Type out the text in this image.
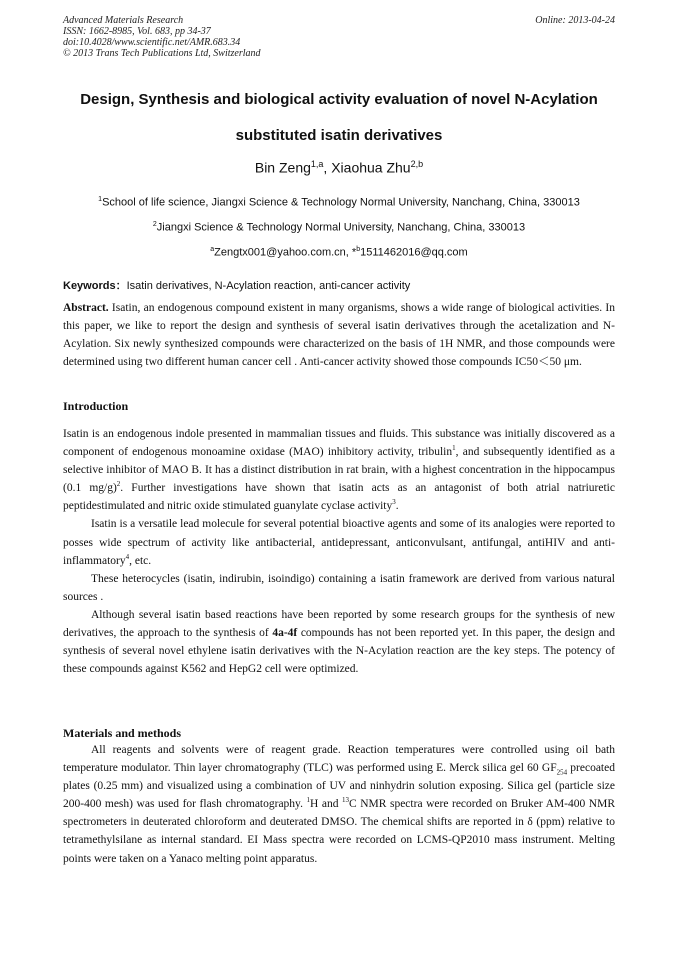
Advanced Materials Research
ISSN: 1662-8985, Vol. 683, pp 34-37
doi:10.4028/www.scientific.net/AMR.683.34
© 2013 Trans Tech Publications Ltd, Switzerland
Online: 2013-04-24
Design, Synthesis and biological activity evaluation of novel N-Acylation
substituted isatin derivatives
Bin Zeng$^{1,a}$, Xiaohua Zhu$^{2,b}$
$^1$School of life science, Jiangxi Science & Technology Normal University, Nanchang, China, 330013
$^2$Jiangxi Science & Technology Normal University, Nanchang, China, 330013
$^a$Zengtx001@yahoo.com.cn, *$^b$1511462016@qq.com
Keywords：Isatin derivatives, N-Acylation reaction, anti-cancer activity

Abstract. Isatin, an endogenous compound existent in many organisms, shows a wide range of biological activities. In this paper, we like to report the design and synthesis of several isatin derivatives through the acetalization and N-Acylation. Six newly synthesized compounds were characterized on the basis of 1H NMR, and those compounds were determined using two different human cancer cell . Anti-cancer activity showed those compounds IC50＜50 μm.

Introduction

Isatin is an endogenous indole presented in mammalian tissues and fluids. This substance was initially discovered as a component of endogenous monoamine oxidase (MAO) inhibitory activity, tribulin$^1$, and subsequently identified as a selective inhibitor of MAO B. It has a distinct distribution in rat brain, with a highest concentration in the hippocampus (0.1 mg/g)$^2$. Further investigations have shown that isatin acts as an antagonist of both atrial natriuretic peptidestimulated and nitric oxide stimulated guanylate cyclase activity$^3$.

Isatin is a versatile lead molecule for several potential bioactive agents and some of its analogies were reported to posses wide spectrum of activity like antibacterial, antidepressant, anticonvulsant, antifungal, antiHIV and anti-inflammatory$^4$, etc.

These heterocycles (isatin, indirubin, isoindigo) containing a isatin framework are derived from various natural sources .

Although several isatin based reactions have been reported by some research groups for the synthesis of new derivatives, the approach to the synthesis of 4a-4f compounds has not been reported yet. In this paper, the design and synthesis of several novel ethylene isatin derivatives with the N-Acylation reaction are the key steps. The potency of these compounds against K562 and HepG2 cell were optimized.

Materials and methods

All reagents and solvents were of reagent grade. Reaction temperatures were controlled using oil bath temperature modulator. Thin layer chromatography (TLC) was performed using E. Merck silica gel 60 $GF_{254}$ precoated plates (0.25 mm) and visualized using a combination of UV and ninhydrin solution exposing. Silica gel (particle size 200-400 mesh) was used for flash chromatography. $^1$H and $^{13}$C NMR spectra were recorded on Bruker AM-400 NMR spectrometers in deuterated chloroform and deuterated DMSO. The chemical shifts are reported in δ (ppm) relative to tetramethylsilane as internal standard. EI Mass spectra were recorded on LCMS-QP2010 mass instrument. Melting points were taken on a Yanaco melting point apparatus.
